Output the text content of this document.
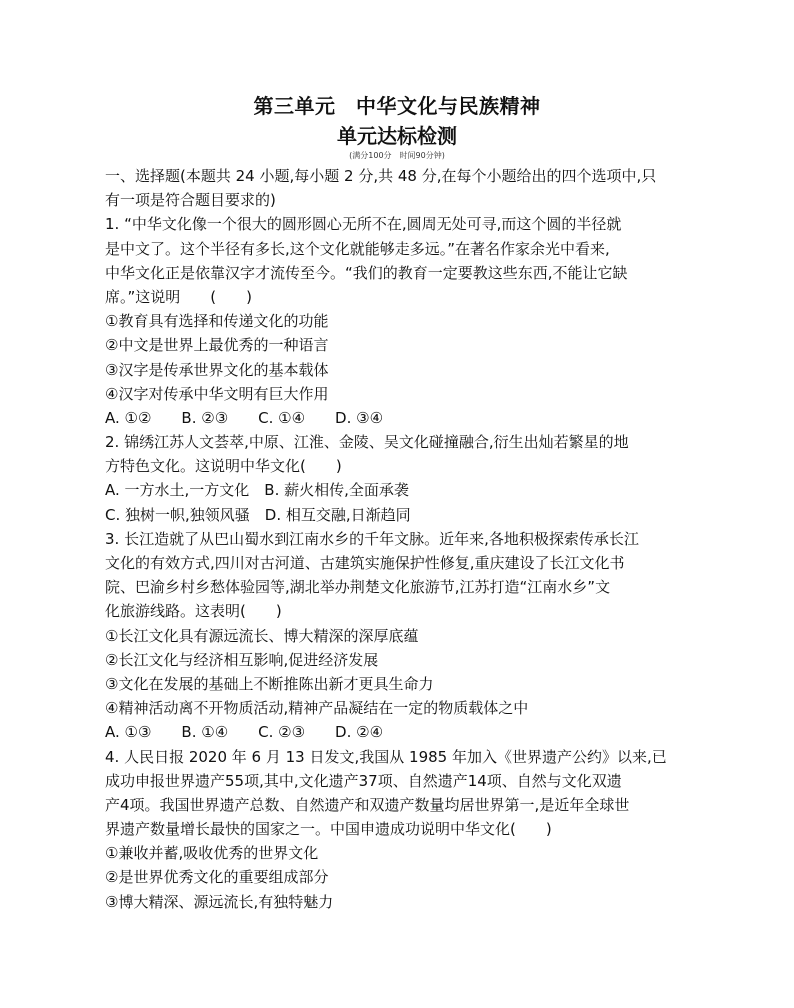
第三单元　中华文化与民族精神
单元达标检测
(满分100分　时间90分钟)
一、选择题(本题共 24 小题,每小题 2 分,共 48 分,在每个小题给出的四个选项中,只
有一项是符合题目要求的)
1. “中华文化像一个很大的圆形圆心无所不在,圆周无处可寻,而这个圆的半径就
是中文了。这个半径有多长,这个文化就能够走多远。”在著名作家余光中看来,
中华文化正是依靠汉字才流传至今。“我们的教育一定要教这些东西,不能让它缺
席。”这说明　　(　　)
①教育具有选择和传递文化的功能
②中文是世界上最优秀的一种语言
③汉字是传承世界文化的基本载体
④汉字对传承中华文明有巨大作用
A. ①②　　B. ②③　　C. ①④　　D. ③④
2. 锦绣江苏人文荟萃,中原、江淮、金陵、吴文化碰撞融合,衍生出灿若繁星的地
方特色文化。这说明中华文化(　　)
A. 一方水土,一方文化　B. 薪火相传,全面承袭
C. 独树一帜,独领风骚　D. 相互交融,日渐趋同
3. 长江造就了从巴山蜀水到江南水乡的千年文脉。近年来,各地积极探索传承长江
文化的有效方式,四川对古河道、古建筑实施保护性修复,重庆建设了长江文化书
院、巴渝乡村乡愁体验园等,湖北举办荆楚文化旅游节,江苏打造“江南水乡”文
化旅游线路。这表明(　　)
①长江文化具有源远流长、博大精深的深厚底蕴
②长江文化与经济相互影响,促进经济发展
③文化在发展的基础上不断推陈出新才更具生命力
④精神活动离不开物质活动,精神产品凝结在一定的物质载体之中
A. ①③　　B. ①④　　C. ②③　　D. ②④
4. 人民日报 2020 年 6 月 13 日发文,我国从 1985 年加入《世界遗产公约》以来,已
成功申报世界遗产55项,其中,文化遗产37项、自然遗产14项、自然与文化双遗
产4项。我国世界遗产总数、自然遗产和双遗产数量均居世界第一,是近年全球世
界遗产数量增长最快的国家之一。中国申遗成功说明中华文化(　　)
①兼收并蓄,吸收优秀的世界文化
②是世界优秀文化的重要组成部分
③博大精深、源远流长,有独特魅力
